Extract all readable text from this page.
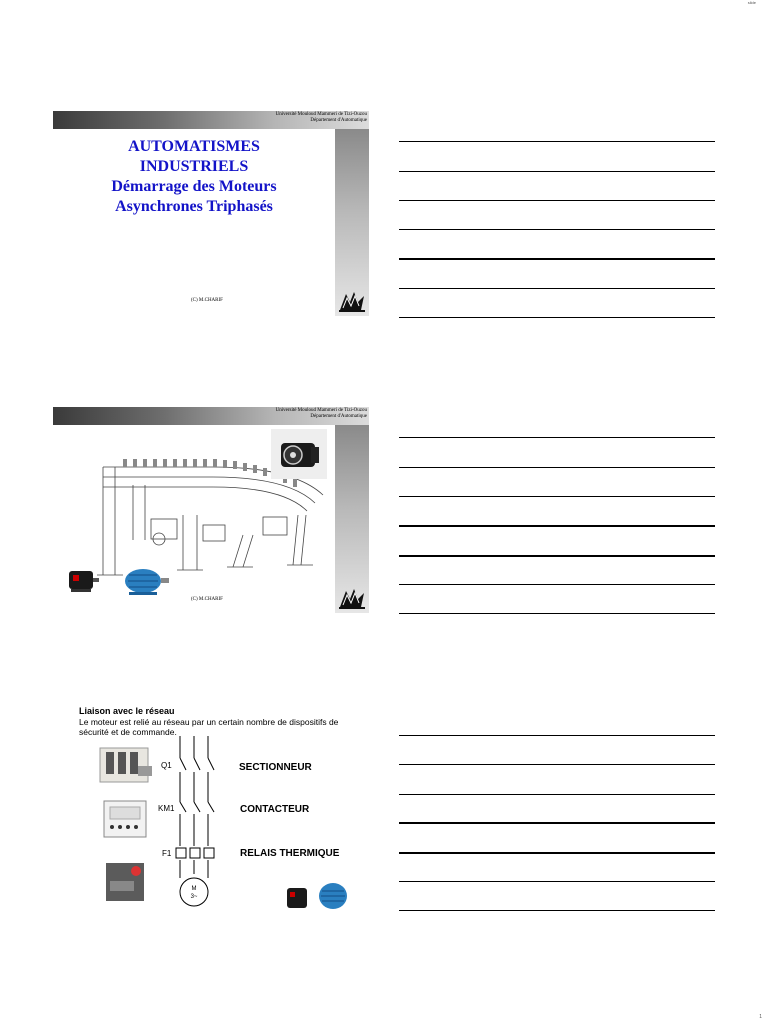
slide
Université Mouloud Mammeri de Tizi-Ouzou
Département d'Automatique
AUTOMATISMES
INDUSTRIELS
Démarrage des Moteurs
Asynchrones Triphasés
(C) M.CHARIF
Université Mouloud Mammeri de Tizi-Ouzou
Département d'Automatique
(C) M.CHARIF
Liaison avec le réseau
Le moteur est relié au réseau par un certain nombre de dispositifs de sécurité et de commande.
M
3~
Q1
KM1
F1
SECTIONNEUR
CONTACTEUR
RELAIS THERMIQUE
1
